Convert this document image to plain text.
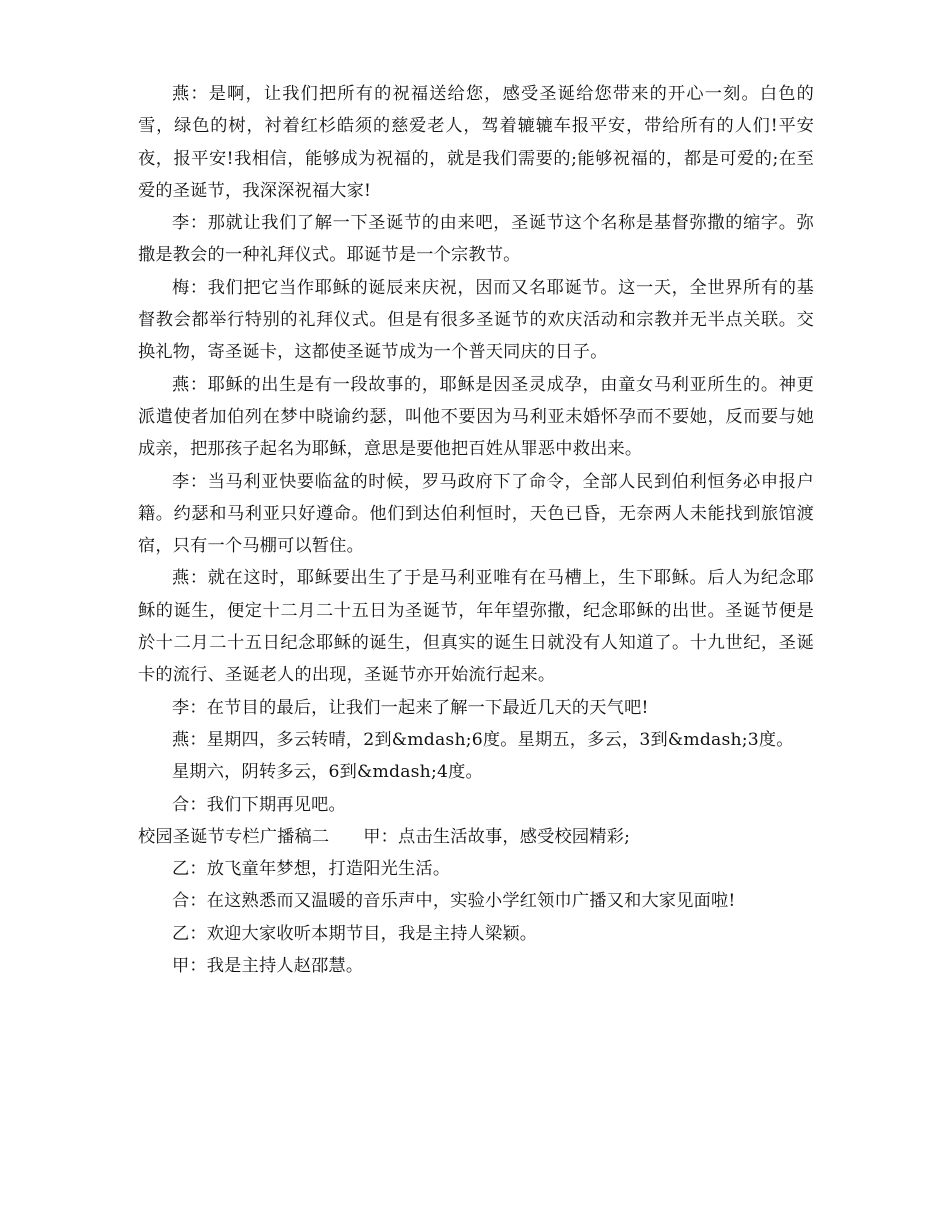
燕：是啊，让我们把所有的祝福送给您，感受圣诞给您带来的开心一刻。白色的雪，绿色的树，衬着红杉皓须的慈爱老人，驾着辘辘车报平安，带给所有的人们!平安夜，报平安!我相信，能够成为祝福的，就是我们需要的;能够祝福的，都是可爱的;在至爱的圣诞节，我深深祝福大家!

李：那就让我们了解一下圣诞节的由来吧，圣诞节这个名称是基督弥撒的缩字。弥撒是教会的一种礼拜仪式。耶诞节是一个宗教节。

梅：我们把它当作耶稣的诞辰来庆祝，因而又名耶诞节。这一天，全世界所有的基督教会都举行特别的礼拜仪式。但是有很多圣诞节的欢庆活动和宗教并无半点关联。交换礼物，寄圣诞卡，这都使圣诞节成为一个普天同庆的日子。

燕：耶稣的出生是有一段故事的，耶稣是因圣灵成孕，由童女马利亚所生的。神更派遣使者加伯列在梦中晓谕约瑟，叫他不要因为马利亚未婚怀孕而不要她，反而要与她成亲，把那孩子起名为耶稣，意思是要他把百姓从罪恶中救出来。

李：当马利亚快要临盆的时候，罗马政府下了命令，全部人民到伯利恒务必申报户籍。约瑟和马利亚只好遵命。他们到达伯利恒时，天色已昏，无奈两人未能找到旅馆渡宿，只有一个马棚可以暂住。

燕：就在这时，耶稣要出生了于是马利亚唯有在马槽上，生下耶稣。后人为纪念耶稣的诞生，便定十二月二十五日为圣诞节，年年望弥撒，纪念耶稣的出世。圣诞节便是於十二月二十五日纪念耶稣的诞生，但真实的诞生日就没有人知道了。十九世纪，圣诞卡的流行、圣诞老人的出现，圣诞节亦开始流行起来。

李：在节目的最后，让我们一起来了解一下最近几天的天气吧!

燕：星期四，多云转晴，2到&mdash;6度。星期五，多云，3到&mdash;3度。

星期六，阴转多云，6到&mdash;4度。

合：我们下期再见吧。

校园圣诞节专栏广播稿二 甲：点击生活故事，感受校园精彩;

乙：放飞童年梦想，打造阳光生活。

合：在这熟悉而又温暖的音乐声中，实验小学红领巾广播又和大家见面啦!

乙：欢迎大家收听本期节目，我是主持人梁颖。

甲：我是主持人赵邵慧。
